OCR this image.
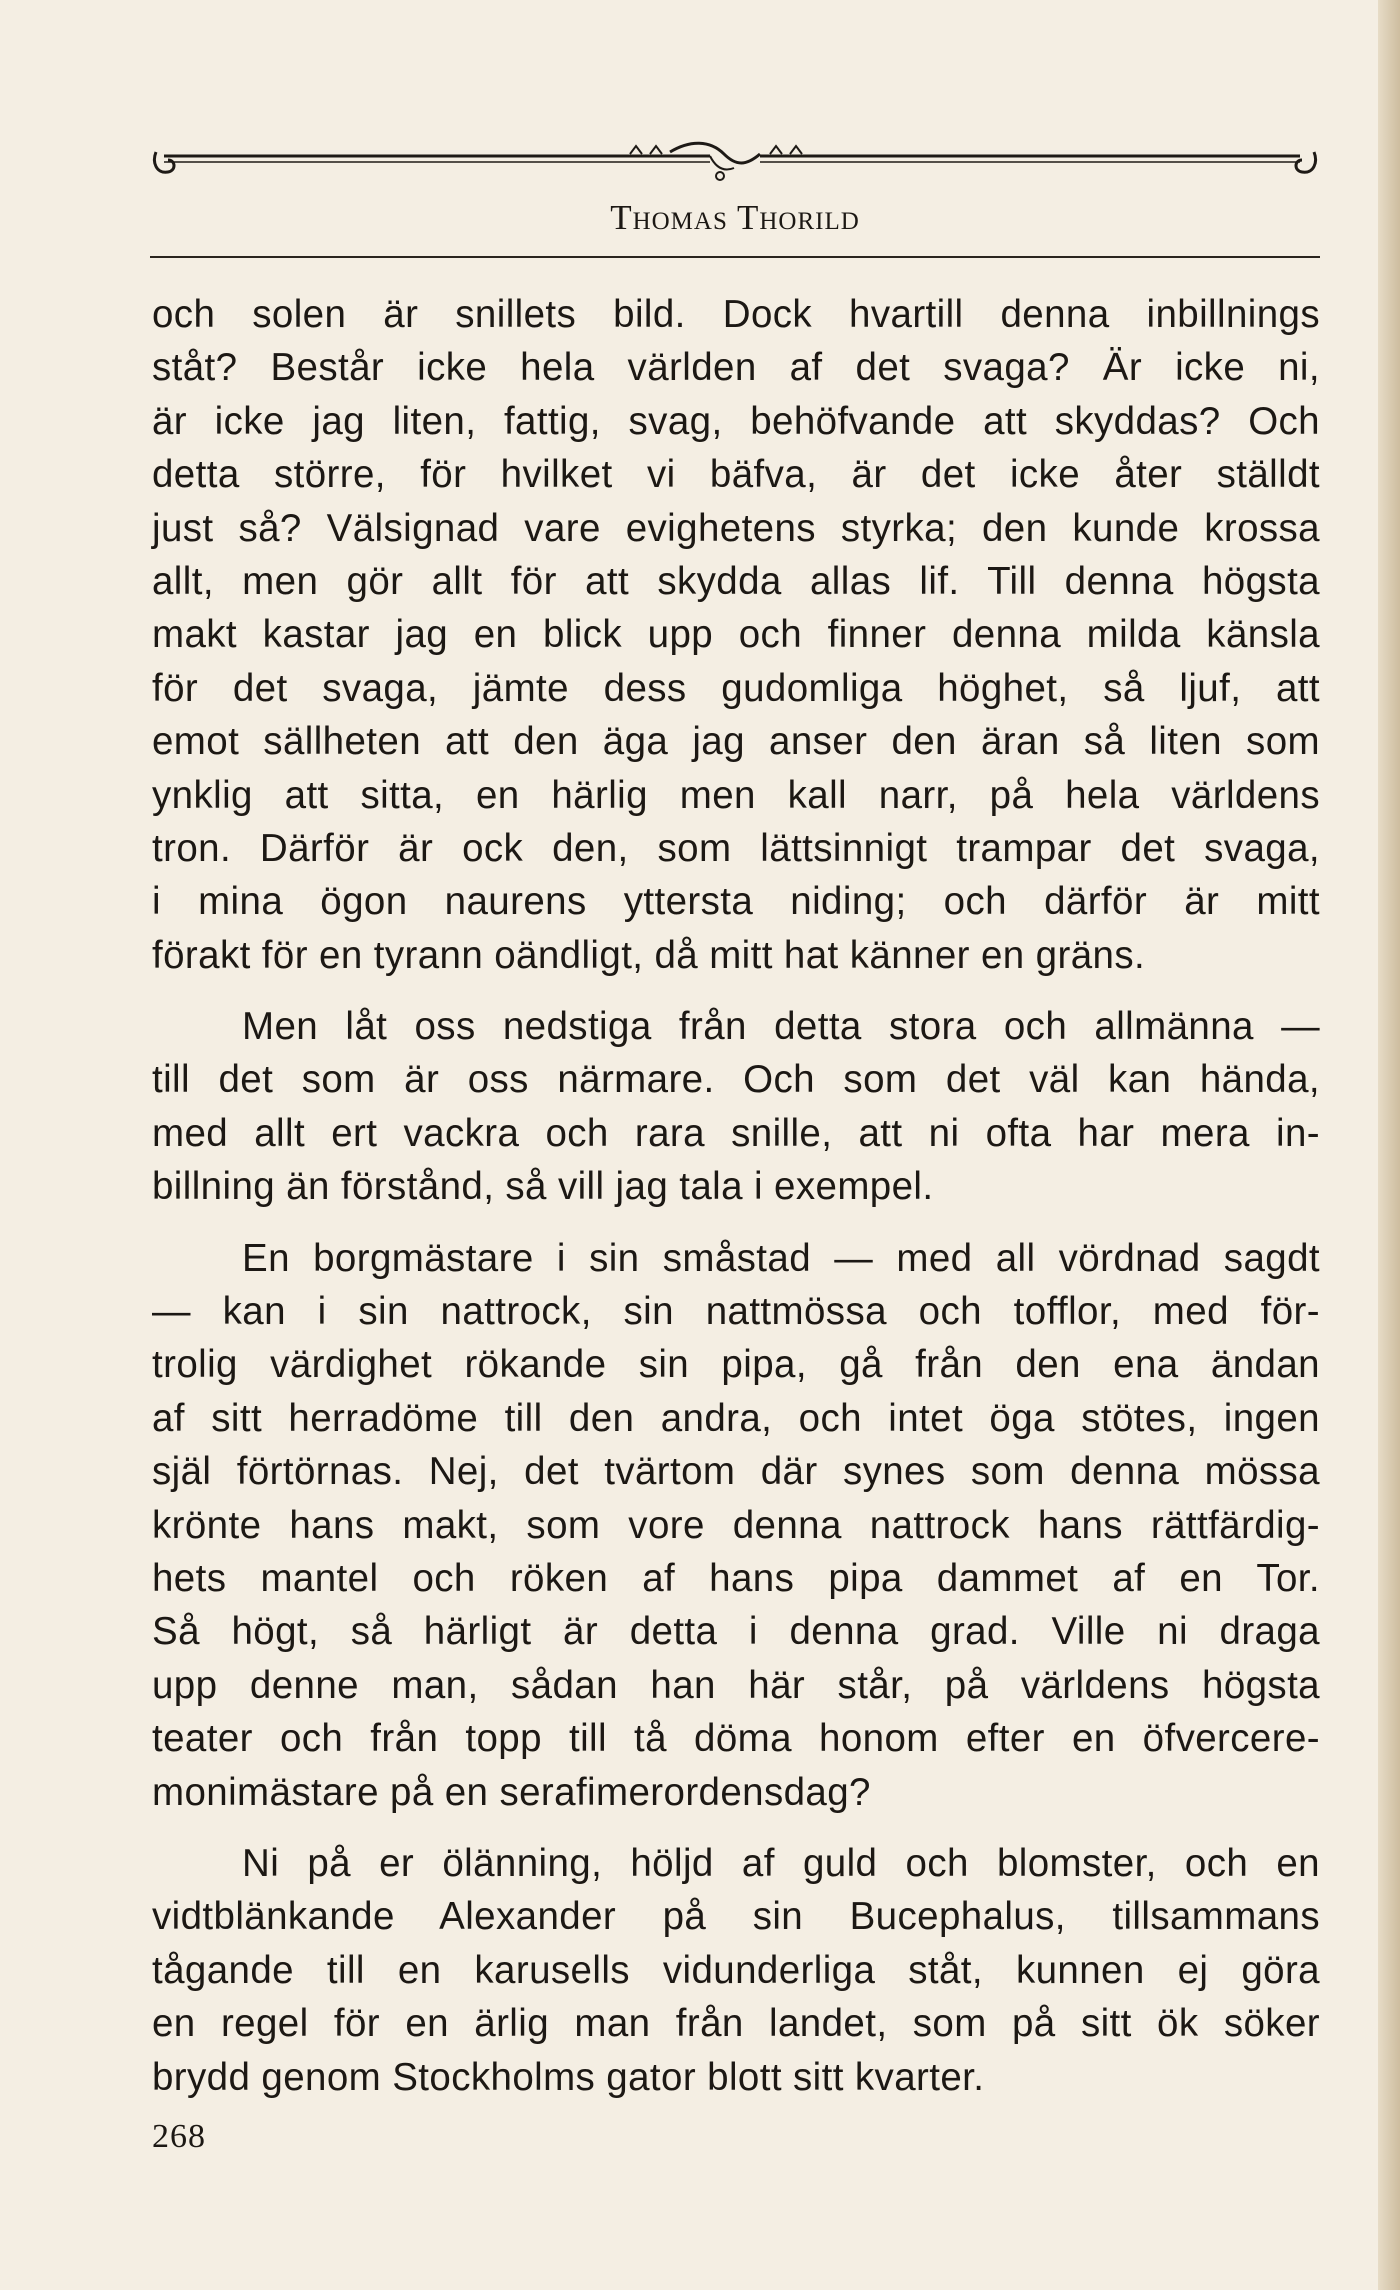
Thomas Thorild

och solen är snillets bild. Dock hvartill denna inbillnings
ståt? Består icke hela världen af det svaga? Är icke ni,
är icke jag liten, fattig, svag, behöfvande att skyddas? Och
detta större, för hvilket vi bäfva, är det icke åter ställdt
just så? Välsignad vare evighetens styrka; den kunde krossa
allt, men gör allt för att skydda allas lif. Till denna högsta
makt kastar jag en blick upp och finner denna milda känsla
för det svaga, jämte dess gudomliga höghet, så ljuf, att
emot sällheten att den äga jag anser den äran så liten som
ynklig att sitta, en härlig men kall narr, på hela världens
tron. Därför är ock den, som lättsinnigt trampar det svaga,
i mina ögon naurens yttersta niding; och därför är mitt
förakt för en tyrann oändligt, då mitt hat känner en gräns.

Men låt oss nedstiga från detta stora och allmänna —
till det som är oss närmare. Och som det väl kan hända,
med allt ert vackra och rara snille, att ni ofta har mera in-
billning än förstånd, så vill jag tala i exempel.

En borgmästare i sin småstad — med all vördnad sagdt
— kan i sin nattrock, sin nattmössa och tofflor, med för-
trolig värdighet rökande sin pipa, gå från den ena ändan
af sitt herradöme till den andra, och intet öga stötes, ingen
själ förtörnas. Nej, det tvärtom där synes som denna mössa
krönte hans makt, som vore denna nattrock hans rättfärdig-
hets mantel och röken af hans pipa dammet af en Tor.
Så högt, så härligt är detta i denna grad. Ville ni draga
upp denne man, sådan han här står, på världens högsta
teater och från topp till tå döma honom efter en öfvercere-
monimästare på en serafimerordensdag?

Ni på er ölänning, höljd af guld och blomster, och en
vidtblänkande Alexander på sin Bucephalus, tillsammans
tågande till en karusells vidunderliga ståt, kunnen ej göra
en regel för en ärlig man från landet, som på sitt ök söker
brydd genom Stockholms gator blott sitt kvarter.

268
